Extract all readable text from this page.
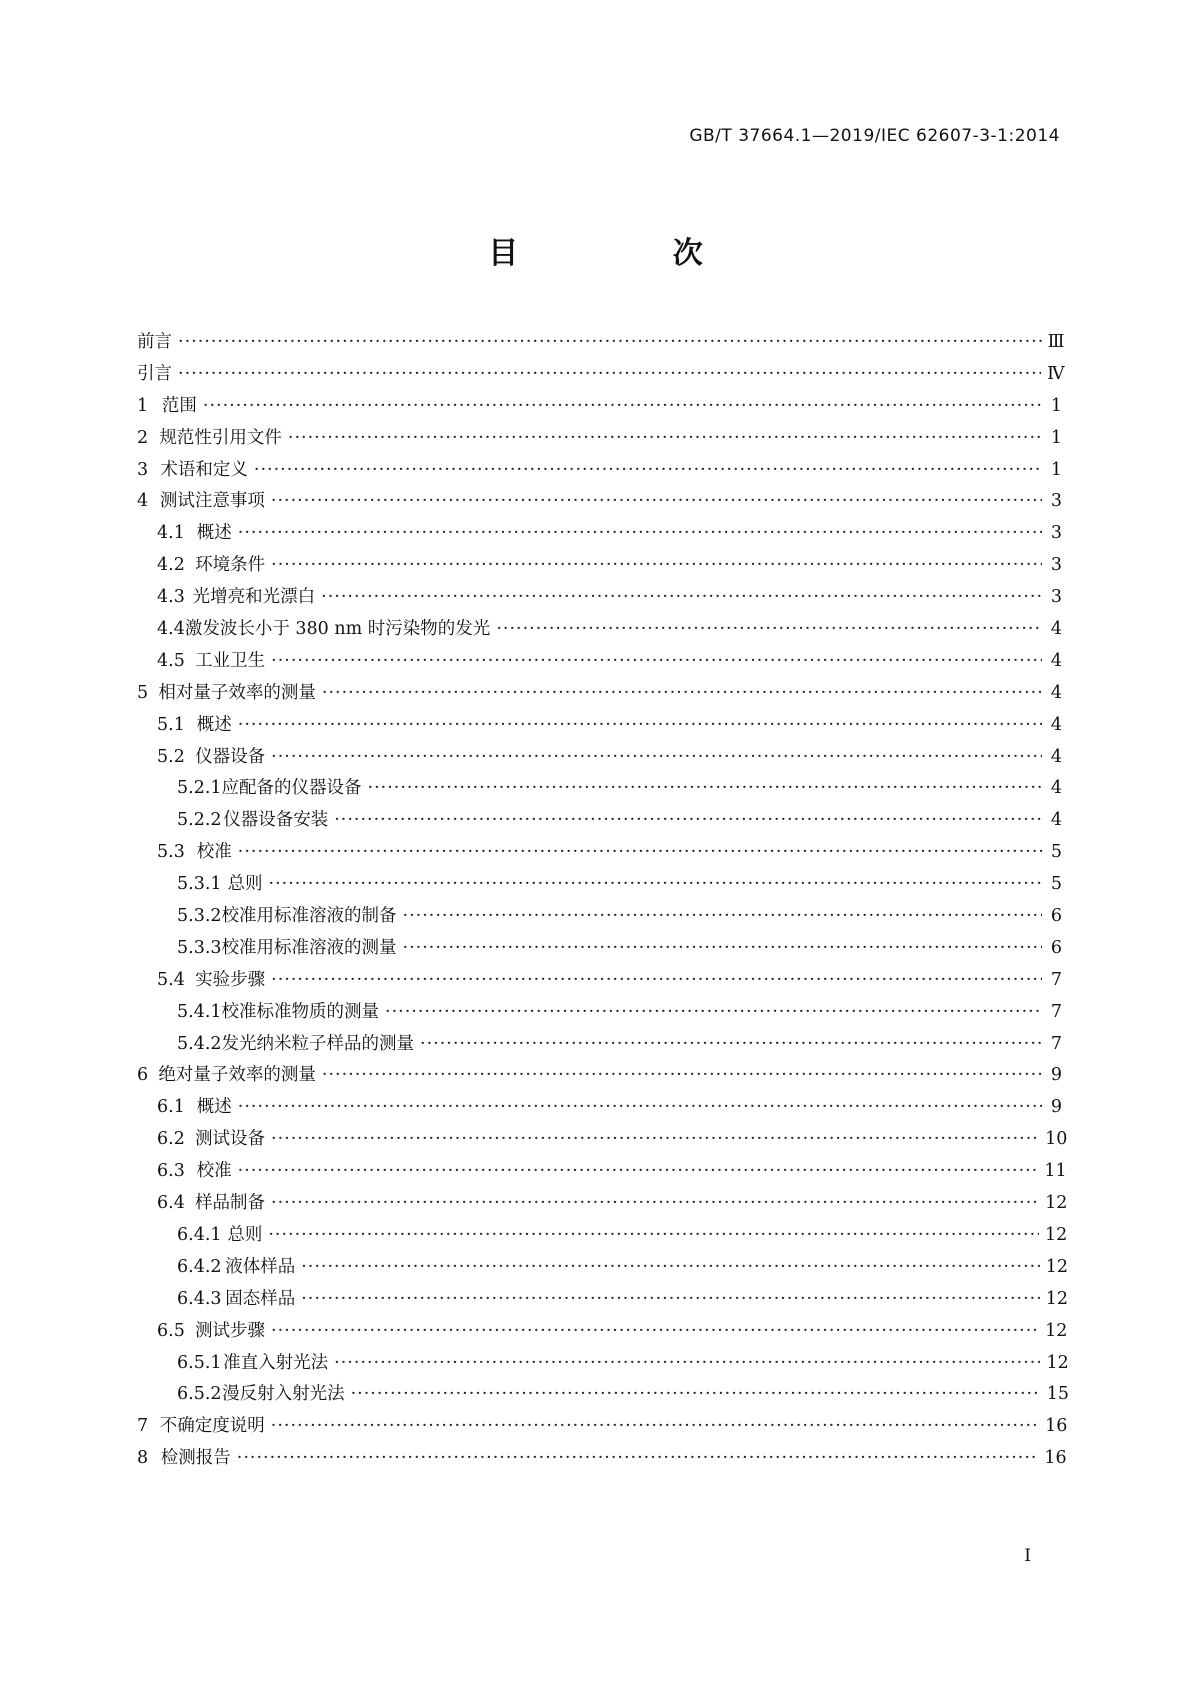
GB/T 37664.1—2019/IEC 62607-3-1:2014
目 次
前言 ·····	Ⅲ
引言 ·····	Ⅳ
1 范围 ·····	1
2 规范性引用文件 ·····	1
3 术语和定义 ·····	1
4 测试注意事项 ·····	3
4.1 概述 ·····	3
4.2 环境条件 ·····	3
4.3 光增亮和光漂白 ·····	3
4.4 激发波长小于 380 nm 时污染物的发光 ·····	4
4.5 工业卫生 ·····	4
5 相对量子效率的测量 ·····	4
5.1 概述 ·····	4
5.2 仪器设备 ·····	4
5.2.1 应配备的仪器设备 ·····	4
5.2.2 仪器设备安装 ·····	4
5.3 校准 ·····	5
5.3.1 总则 ·····	5
5.3.2 校准用标准溶液的制备 ·····	6
5.3.3 校准用标准溶液的测量 ·····	6
5.4 实验步骤 ·····	7
5.4.1 校准标准物质的测量 ·····	7
5.4.2 发光纳米粒子样品的测量 ·····	7
6 绝对量子效率的测量 ·····	9
6.1 概述 ·····	9
6.2 测试设备 ·····	10
6.3 校准 ·····	11
6.4 样品制备 ·····	12
6.4.1 总则 ·····	12
6.4.2 液体样品 ·····	12
6.4.3 固态样品 ·····	12
6.5 测试步骤 ·····	12
6.5.1 准直入射光法 ·····	12
6.5.2 漫反射入射光法 ·····	15
7 不确定度说明 ·····	16
8 检测报告 ·····	16
I
